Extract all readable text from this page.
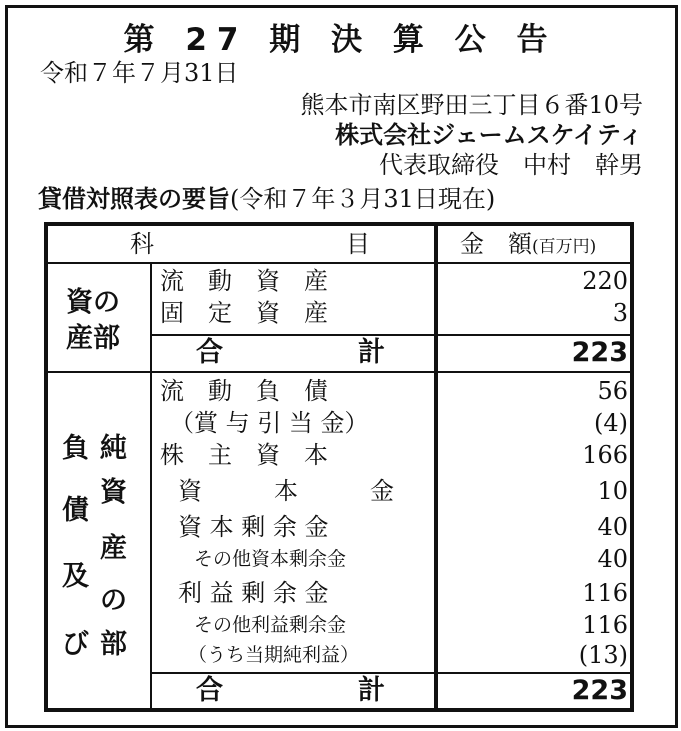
第 27 期 決 算 公 告
令和７年７月31日
熊本市南区野田三丁目６番10号
株式会社ジェームスケイティ
代表取締役　中村　幹男
貸借対照表の要旨(令和７年３月31日現在)
科　　　　　　　　目	金　額(百万円)
資の
産部
流　動　資　産	220
固　定　資　産	3
合　　　　　計	223
負
債
及
び
純
資
産
の
部
流　動　負　債	56
（賞 与 引 当 金）	(4)
株　主　資　本	166
資　　　本　　　金	10
資 本 剰 余 金	40
その他資本剰余金	40
利 益 剰 余 金	116
その他利益剰余金	116
（うち当期純利益）	(13)
合　　　　　計	223
